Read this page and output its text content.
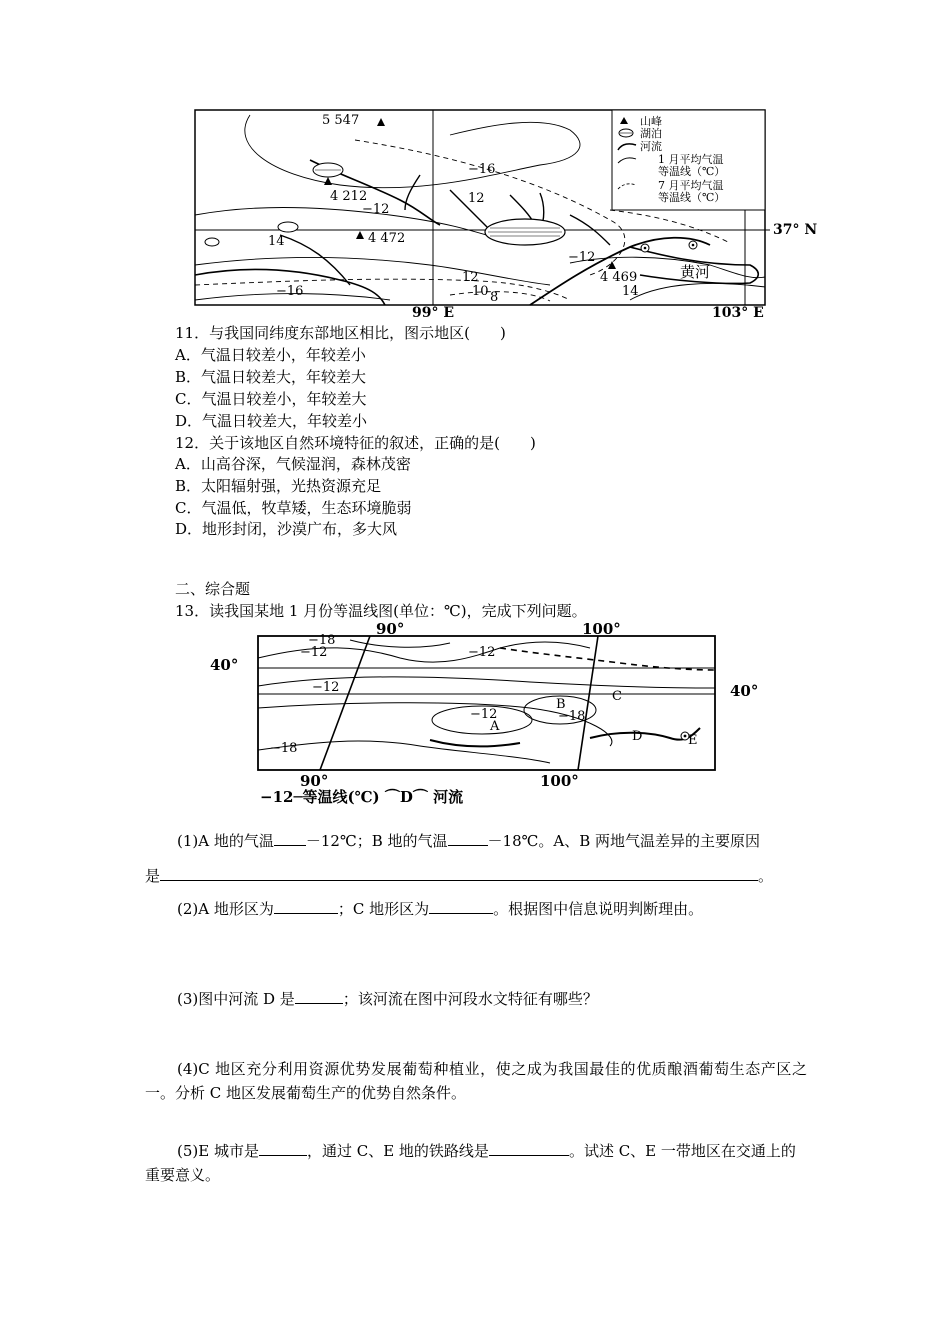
5 547
4 212
4 472
4 469
−16
12
−12
14
12
10 8
−16
−12
14
黄河
99° E	103° E
37° N
山峰
湖泊
河流
1 月平均气温
等温线（℃）
7 月平均气温
等温线（℃）
11．与我国同纬度东部地区相比，图示地区(　　)
A．气温日较差小，年较差小
B．气温日较差大，年较差大
C．气温日较差小，年较差大
D．气温日较差大，年较差小
12．关于该地区自然环境特征的叙述，正确的是(　　)
A．山高谷深，气候湿润，森林茂密
B．太阳辐射强，光热资源充足
C．气温低，牧草矮，生态环境脆弱
D．地形封闭，沙漠广布，多大风
二、综合题
13．读我国某地 1 月份等温线图(单位：℃)，完成下列问题。
90°	100°
90°	100°
40°
40°
−18
−12	−12
−12
−12	−18
−18
A
B
C
D	E
−12─等温线(℃) ⌒D⌒ 河流
(1)A 地的气温 －12℃；B 地的气温	－18℃。A、B 两地气温差异的主要原因
是	。
(2)A 地形区为	；C 地形区为	。根据图中信息说明判断理由。
(3)图中河流 D 是	；该河流在图中河段水文特征有哪些？
(4)C 地区充分利用资源优势发展葡萄种植业，使之成为我国最佳的优质酿酒葡萄生态产区之一。分析 C 地区发展葡萄生产的优势自然条件。
(5)E 城市是	，通过 C、E 地的铁路线是	。试述 C、E 一带地区在交通上的重要意义。
